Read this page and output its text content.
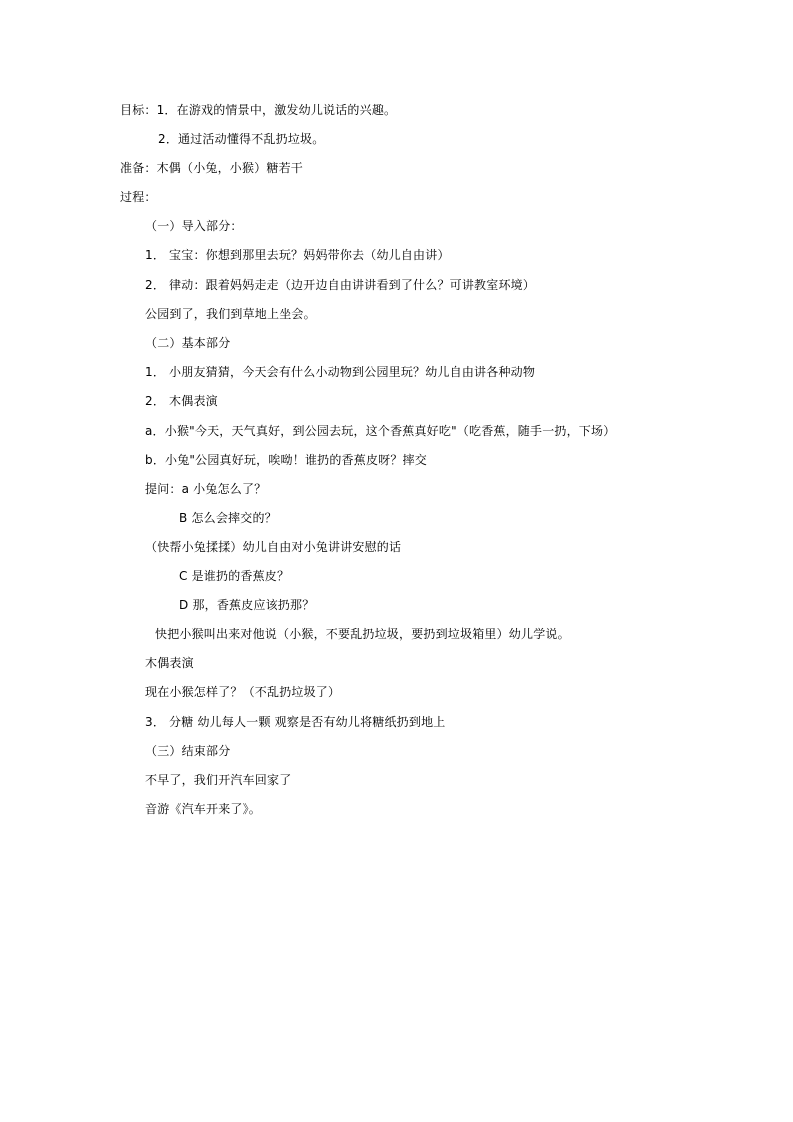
目标：1．在游戏的情景中，激发幼儿说话的兴趣。
2．通过活动懂得不乱扔垃圾。
准备：木偶（小兔，小猴）糖若干
过程：
（一）导入部分：
1． 宝宝：你想到那里去玩？妈妈带你去（幼儿自由讲）
2． 律动：跟着妈妈走走（边开边自由讲讲看到了什么？可讲教室环境）
公园到了，我们到草地上坐会。
（二）基本部分
1． 小朋友猜猜，今天会有什么小动物到公园里玩？幼儿自由讲各种动物
2． 木偶表演
a．小猴"今天，天气真好，到公园去玩，这个香蕉真好吃"（吃香蕉，随手一扔，下场）
b．小兔"公园真好玩，唉呦！谁扔的香蕉皮呀？摔交
提问：a 小兔怎么了？
B 怎么会摔交的？
（快帮小兔揉揉）幼儿自由对小兔讲讲安慰的话
C 是谁扔的香蕉皮？
D 那，香蕉皮应该扔那？
快把小猴叫出来对他说（小猴，不要乱扔垃圾，要扔到垃圾箱里）幼儿学说。
木偶表演
现在小猴怎样了？（不乱扔垃圾了）
3． 分糖 幼儿每人一颗 观察是否有幼儿将糖纸扔到地上
（三）结束部分
不早了，我们开汽车回家了
音游《汽车开来了》。
